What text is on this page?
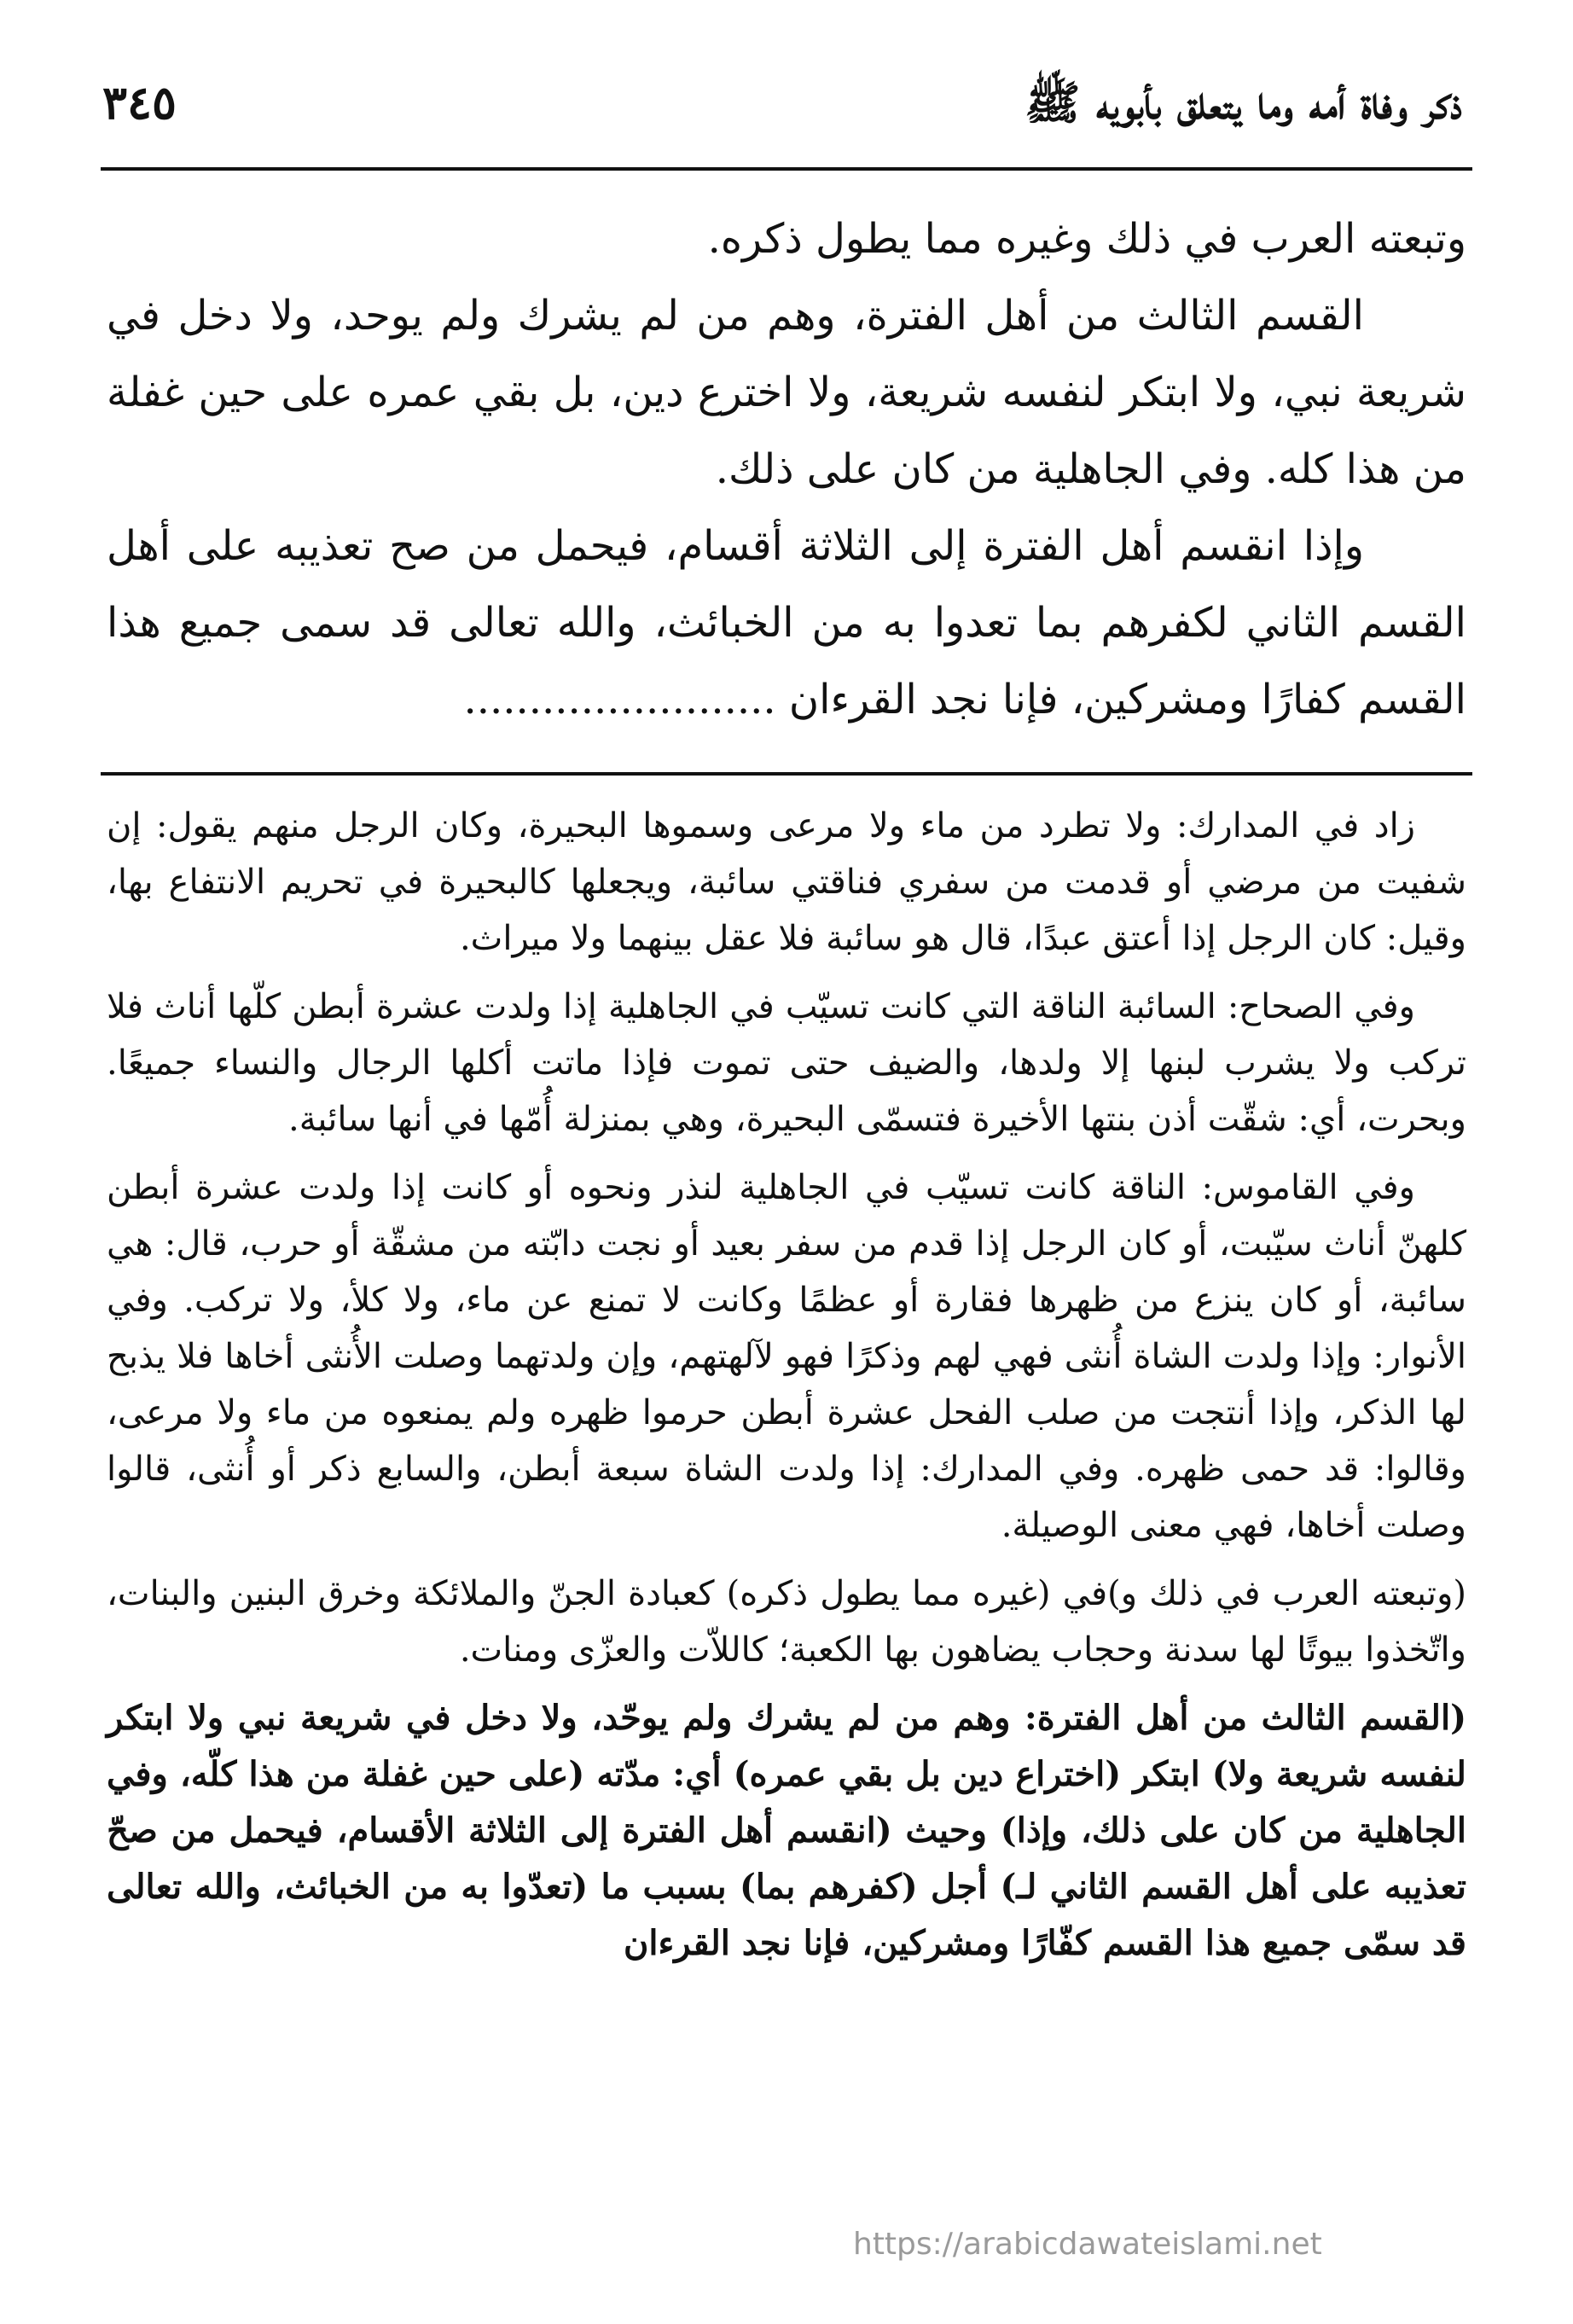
ذكر وفاة أمه وما يتعلق بأبويه ﷺ
٣٤٥

وتبعته العرب في ذلك وغيره مما يطول ذكره.

القسم الثالث من أهل الفترة، وهم من لم يشرك ولم يوحد، ولا دخل في شريعة نبي، ولا ابتكر لنفسه شريعة، ولا اخترع دين، بل بقي عمره على حين غفلة من هذا كله. وفي الجاهلية من كان على ذلك.

وإذا انقسم أهل الفترة إلى الثلاثة أقسام، فيحمل من صح تعذيبه على أهل القسم الثاني لكفرهم بما تعدوا به من الخبائث، والله تعالى قد سمى جميع هذا القسم كفارًا ومشركين، فإنا نجد القرءان ........................

زاد في المدارك: ولا تطرد من ماء ولا مرعى وسموها البحيرة، وكان الرجل منهم يقول: إن شفيت من مرضي أو قدمت من سفري فناقتي سائبة، ويجعلها كالبحيرة في تحريم الانتفاع بها، وقيل: كان الرجل إذا أعتق عبدًا، قال هو سائبة فلا عقل بينهما ولا ميراث.

وفي الصحاح: السائبة الناقة التي كانت تسيّب في الجاهلية إذا ولدت عشرة أبطن كلّها أناث فلا تركب ولا يشرب لبنها إلا ولدها، والضيف حتى تموت فإذا ماتت أكلها الرجال والنساء جميعًا. وبحرت، أي: شقّت أذن بنتها الأخيرة فتسمّى البحيرة، وهي بمنزلة أُمّها في أنها سائبة.

وفي القاموس: الناقة كانت تسيّب في الجاهلية لنذر ونحوه أو كانت إذا ولدت عشرة أبطن كلهنّ أناث سيّبت، أو كان الرجل إذا قدم من سفر بعيد أو نجت دابّته من مشقّة أو حرب، قال: هي سائبة، أو كان ينزع من ظهرها فقارة أو عظمًا وكانت لا تمنع عن ماء، ولا كلأ، ولا تركب. وفي الأنوار: وإذا ولدت الشاة أُنثى فهي لهم وذكرًا فهو لآلهتهم، وإن ولدتهما وصلت الأُنثى أخاها فلا يذبح لها الذكر، وإذا أنتجت من صلب الفحل عشرة أبطن حرموا ظهره ولم يمنعوه من ماء ولا مرعى، وقالوا: قد حمى ظهره. وفي المدارك: إذا ولدت الشاة سبعة أبطن، والسابع ذكر أو أُنثى، قالوا وصلت أخاها، فهي معنى الوصيلة.

(وتبعته العرب في ذلك و)في (غيره مما يطول ذكره) كعبادة الجنّ والملائكة وخرق البنين والبنات، واتّخذوا بيوتًا لها سدنة وحجاب يضاهون بها الكعبة؛ كاللاّت والعزّى ومنات.

(القسم الثالث من أهل الفترة: وهم من لم يشرك ولم يوحّد، ولا دخل في شريعة نبي ولا ابتكر لنفسه شريعة ولا) ابتكر (اختراع دين بل بقي عمره) أي: مدّته (على حين غفلة من هذا كلّه، وفي الجاهلية من كان على ذلك، وإذا) وحيث (انقسم أهل الفترة إلى الثلاثة الأقسام، فيحمل من صحّ تعذيبه على أهل القسم الثاني لـ) أجل (كفرهم بما) بسبب ما (تعدّوا به من الخبائث، والله تعالى قد سمّى جميع هذا القسم كفّارًا ومشركين، فإنا نجد القرءان

https://arabicdawateislami.net
